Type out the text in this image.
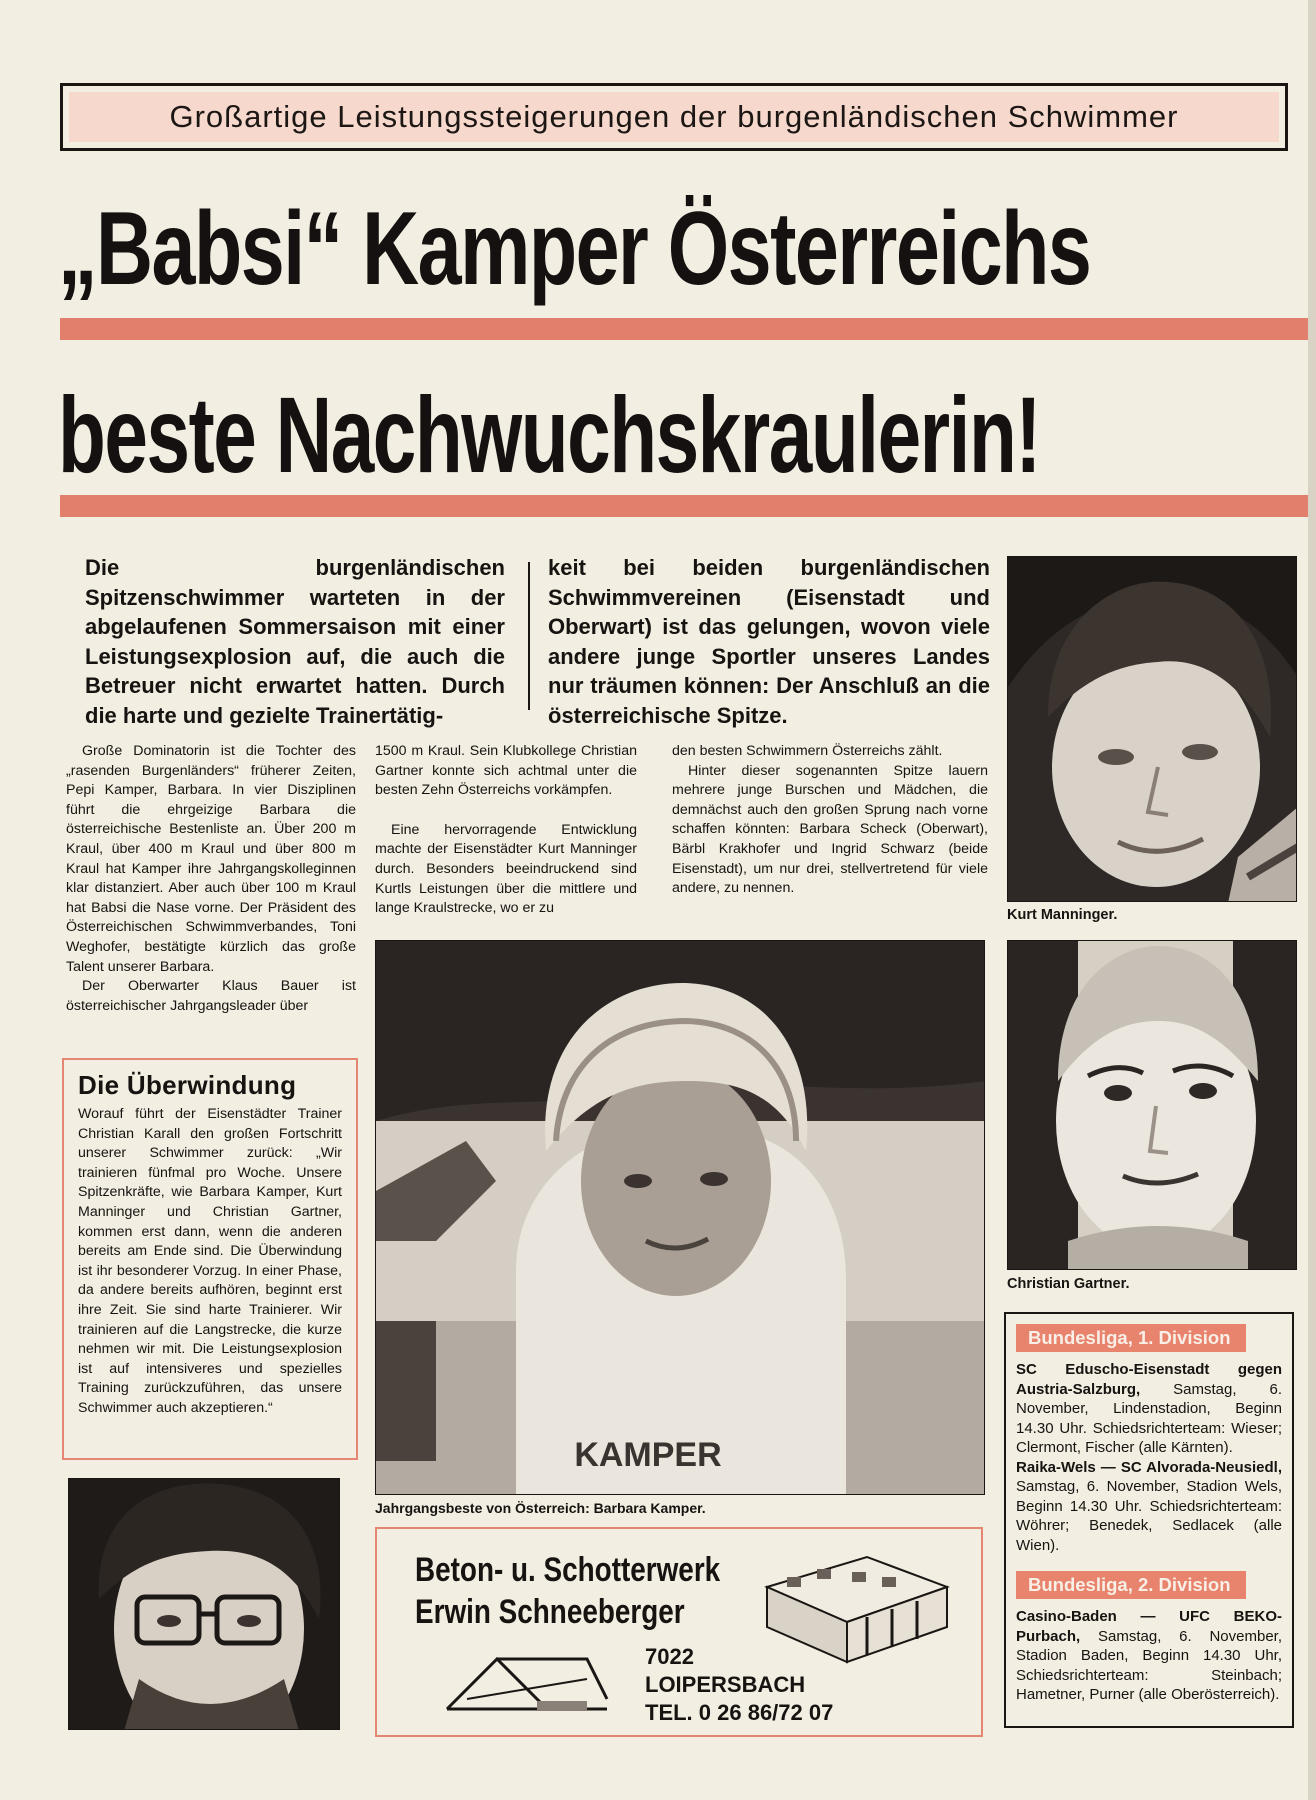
Großartige Leistungssteigerungen der burgenländischen Schwimmer
„Babsi“ Kamper Österreichs
beste Nachwuchskraulerin!

Die burgenländischen Spitzenschwimmer warteten in der abgelaufenen Sommersaison mit einer Leistungsexplosion auf, die auch die Betreuer nicht erwartet hatten. Durch die harte und gezielte Trainertätig-

keit bei beiden burgenländischen Schwimmvereinen (Eisenstadt und Oberwart) ist das gelungen, wovon viele andere junge Sportler unseres Landes nur träumen können: Der Anschluß an die österreichische Spitze.

Große Dominatorin ist die Tochter des „rasenden Burgenländers“ früherer Zeiten, Pepi Kamper, Barbara. In vier Disziplinen führt die ehrgeizige Barbara die österreichische Bestenliste an. Über 200 m Kraul, über 400 m Kraul und über 800 m Kraul hat Kamper ihre Jahrgangskolleginnen klar distanziert. Aber auch über 100 m Kraul hat Babsi die Nase vorne. Der Präsident des Österreichischen Schwimmverbandes, Toni Weghofer, bestätigte kürzlich das große Talent unserer Barbara.

Der Oberwarter Klaus Bauer ist österreichischer Jahrgangsleader über

1500 m Kraul. Sein Klubkollege Christian Gartner konnte sich achtmal unter die besten Zehn Österreichs vorkämpfen.

Eine hervorragende Entwicklung machte der Eisenstädter Kurt Manninger durch. Besonders beeindruckend sind Kurtls Leistungen über die mittlere und lange Kraulstrecke, wo er zu

den besten Schwimmern Österreichs zählt.

Hinter dieser sogenannten Spitze lauern mehrere junge Burschen und Mädchen, die demnächst auch den großen Sprung nach vorne schaffen könnten: Barbara Scheck (Oberwart), Bärbl Krakhofer und Ingrid Schwarz (beide Eisenstadt), um nur drei, stellvertretend für viele andere, zu nennen.

Die Überwindung

Worauf führt der Eisenstädter Trainer Christian Karall den großen Fortschritt unserer Schwimmer zurück: „Wir trainieren fünfmal pro Woche. Unsere Spitzenkräfte, wie Barbara Kamper, Kurt Manninger und Christian Gartner, kommen erst dann, wenn die anderen bereits am Ende sind. Die Überwindung ist ihr besonderer Vorzug. In einer Phase, da andere bereits aufhören, beginnt erst ihre Zeit. Sie sind harte Trainierer. Wir trainieren auf die Langstrecke, die kurze nehmen wir mit. Die Leistungsexplosion ist auf intensiveres und spezielles Training zurückzuführen, das unsere Schwimmer auch akzeptieren.“

Kurt Manninger.
Christian Gartner.
KAMPER
Jahrgangsbeste von Österreich: Barbara Kamper.
Beton- u. Schotterwerk
Erwin Schneeberger
7022
LOIPERSBACH
TEL. 0 26 86/72 07
Bundesliga, 1. Division

SC Eduscho-Eisenstadt gegen Austria-Salzburg, Samstag, 6. November, Lindenstadion, Beginn 14.30 Uhr. Schiedsrichterteam: Wieser; Clermont, Fischer (alle Kärnten).

Raika-Wels — SC Alvorada-Neusiedl, Samstag, 6. November, Stadion Wels, Beginn 14.30 Uhr. Schiedsrichterteam: Wöhrer; Benedek, Sedlacek (alle Wien).

Bundesliga, 2. Division

Casino-Baden — UFC BEKO-Purbach, Samstag, 6. November, Stadion Baden, Beginn 14.30 Uhr, Schiedsrichterteam: Steinbach; Hametner, Purner (alle Oberösterreich).
